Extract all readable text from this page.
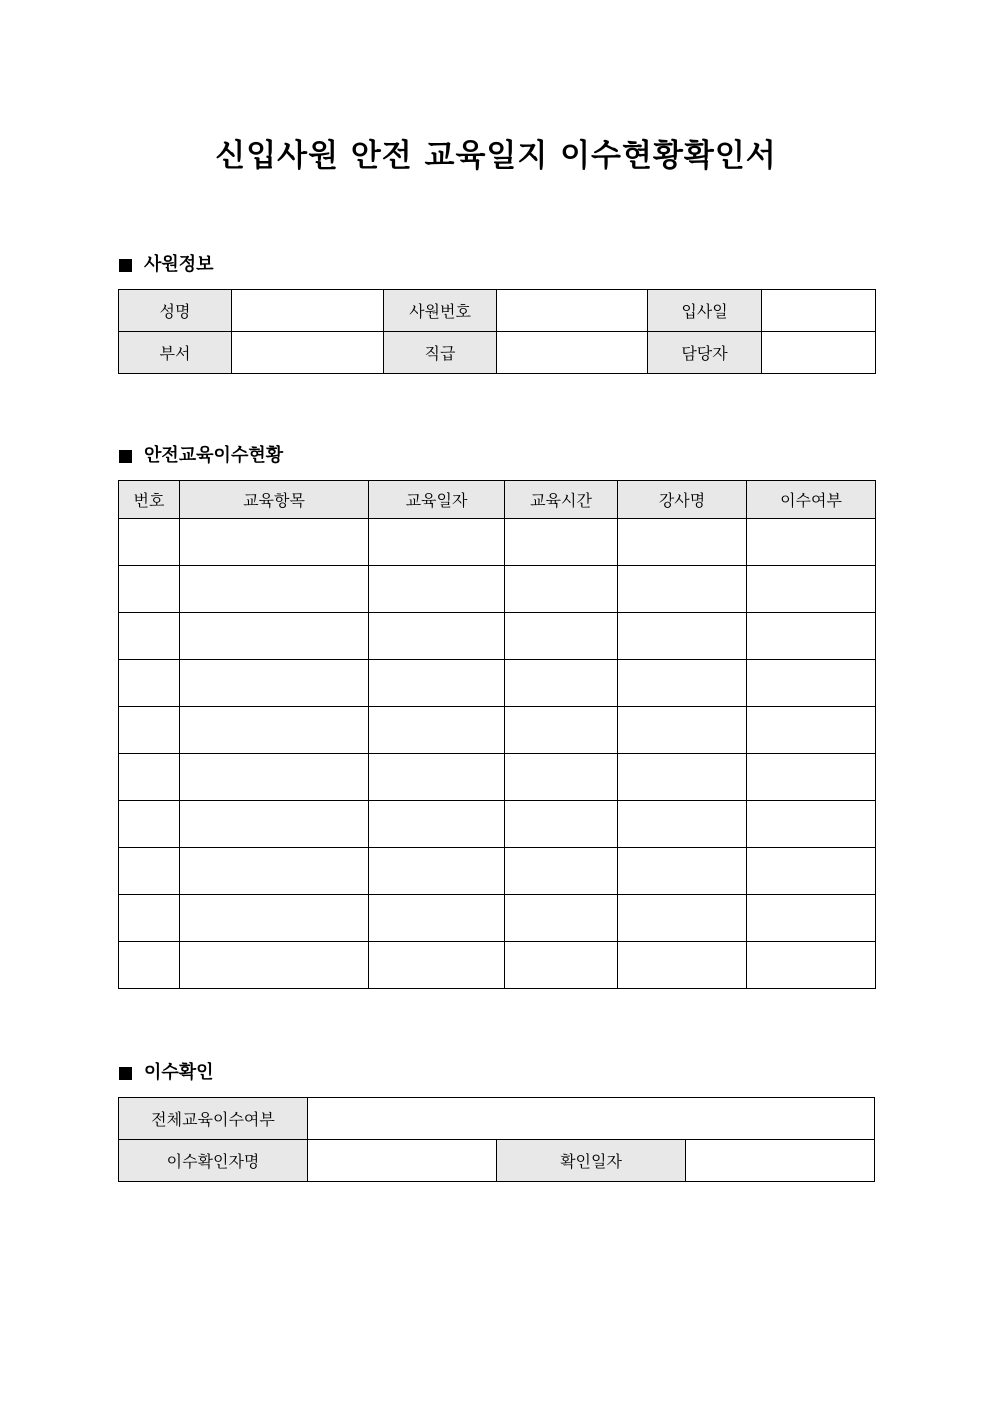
신입사원 안전 교육일지 이수현황확인서
사원정보
성명		사원번호		입사일	
부서		직급		담당자	
안전교육이수현황
번호	교육항목	교육일자	교육시간	강사명	이수여부

이수확인
전체교육이수여부			
이수확인자명		확인일자	
